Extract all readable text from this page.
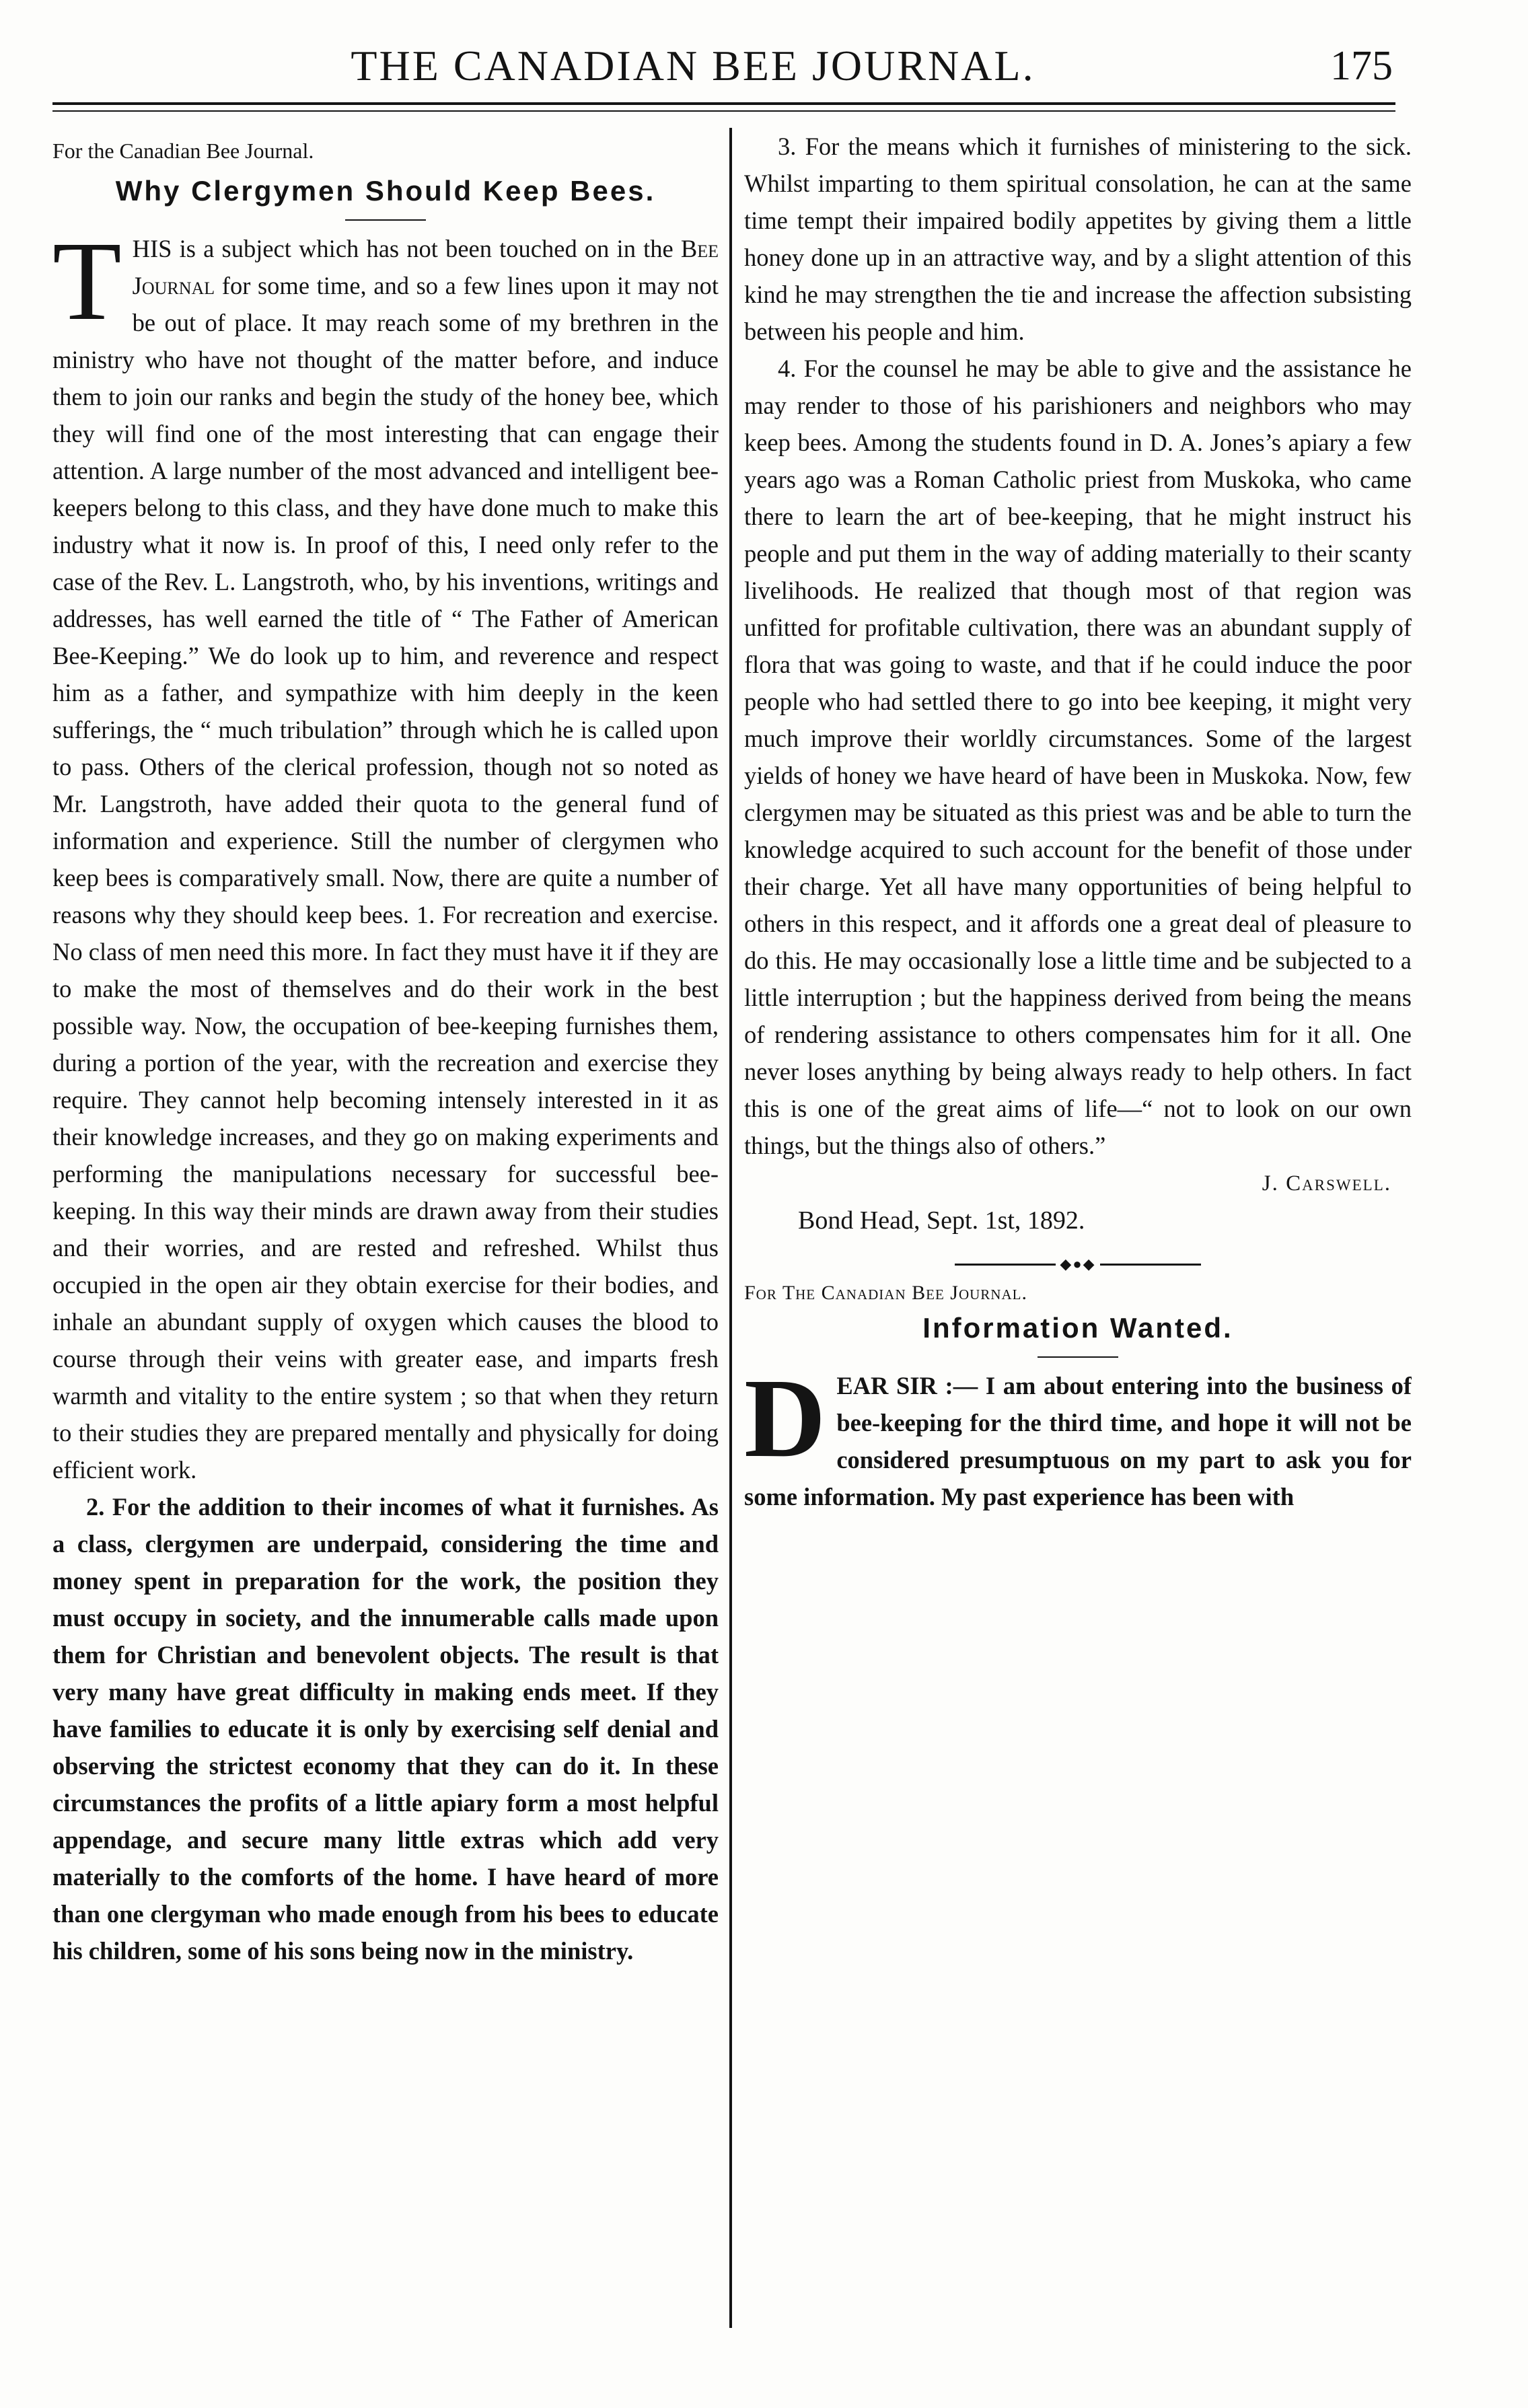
THE CANADIAN BEE JOURNAL.	175
For the Canadian Bee Journal.
Why Clergymen Should Keep Bees.

THIS is a subject which has not been touched on in the Bee Journal for some time, and so a few lines upon it may not be out of place. It may reach some of my brethren in the ministry who have not thought of the matter before, and induce them to join our ranks and begin the study of the honey bee, which they will find one of the most interesting that can engage their attention. A large number of the most advanced and intelligent bee-keepers belong to this class, and they have done much to make this industry what it now is. In proof of this, I need only refer to the case of the Rev. L. Langstroth, who, by his inventions, writings and addresses, has well earned the title of “ The Father of American Bee-Keeping.” We do look up to him, and reverence and respect him as a father, and sympathize with him deeply in the keen sufferings, the “ much tribulation” through which he is called upon to pass. Others of the clerical profession, though not so noted as Mr. Langstroth, have added their quota to the general fund of information and experience. Still the number of clergymen who keep bees is comparatively small. Now, there are quite a number of reasons why they should keep bees. 1. For recreation and exercise. No class of men need this more. In fact they must have it if they are to make the most of themselves and do their work in the best possible way. Now, the occupation of bee-keeping furnishes them, during a portion of the year, with the recreation and exercise they require. They cannot help becoming intensely interested in it as their knowledge increases, and they go on making experiments and performing the manipulations necessary for successful bee-keeping. In this way their minds are drawn away from their studies and their worries, and are rested and refreshed. Whilst thus occupied in the open air they obtain exercise for their bodies, and inhale an abundant supply of oxygen which causes the blood to course through their veins with greater ease, and imparts fresh warmth and vitality to the entire system ; so that when they return to their studies they are prepared mentally and physically for doing efficient work.

2. For the addition to their incomes of what it furnishes. As a class, clergymen are underpaid, considering the time and money spent in preparation for the work, the position they must occupy in society, and the innumerable calls made upon them for Christian and benevolent objects. The result is that very many have great difficulty in making ends meet. If they have families to educate it is only by exercising self denial and observing the strictest economy that they can do it. In these circumstances the profits of a little apiary form a most helpful appendage, and secure many little extras which add very materially to the comforts of the home. I have heard of more than one clergyman who made enough from his bees to educate his children, some of his sons being now in the ministry.

3. For the means which it furnishes of ministering to the sick. Whilst imparting to them spiritual consolation, he can at the same time tempt their impaired bodily appetites by giving them a little honey done up in an attractive way, and by a slight attention of this kind he may strengthen the tie and increase the affection subsisting between his people and him.

4. For the counsel he may be able to give and the assistance he may render to those of his parishioners and neighbors who may keep bees. Among the students found in D. A. Jones’s apiary a few years ago was a Roman Catholic priest from Muskoka, who came there to learn the art of bee-keeping, that he might instruct his people and put them in the way of adding materially to their scanty livelihoods. He realized that though most of that region was unfitted for profitable cultivation, there was an abundant supply of flora that was going to waste, and that if he could induce the poor people who had settled there to go into bee keeping, it might very much improve their worldly circumstances. Some of the largest yields of honey we have heard of have been in Muskoka. Now, few clergymen may be situated as this priest was and be able to turn the knowledge acquired to such account for the benefit of those under their charge. Yet all have many opportunities of being helpful to others in this respect, and it affords one a great deal of pleasure to do this. He may occasionally lose a little time and be subjected to a little interruption ; but the happiness derived from being the means of rendering assistance to others compensates him for it all. One never loses anything by being always ready to help others. In fact this is one of the great aims of life—“ not to look on our own things, but the things also of others.”

J. Carswell.
Bond Head, Sept. 1st, 1892.
◆●◆
For The Canadian Bee Journal.
Information Wanted.

DEAR SIR :— I am about entering into the business of bee-keeping for the third time, and hope it will not be considered presumptuous on my part to ask you for some information. My past experience has been with
